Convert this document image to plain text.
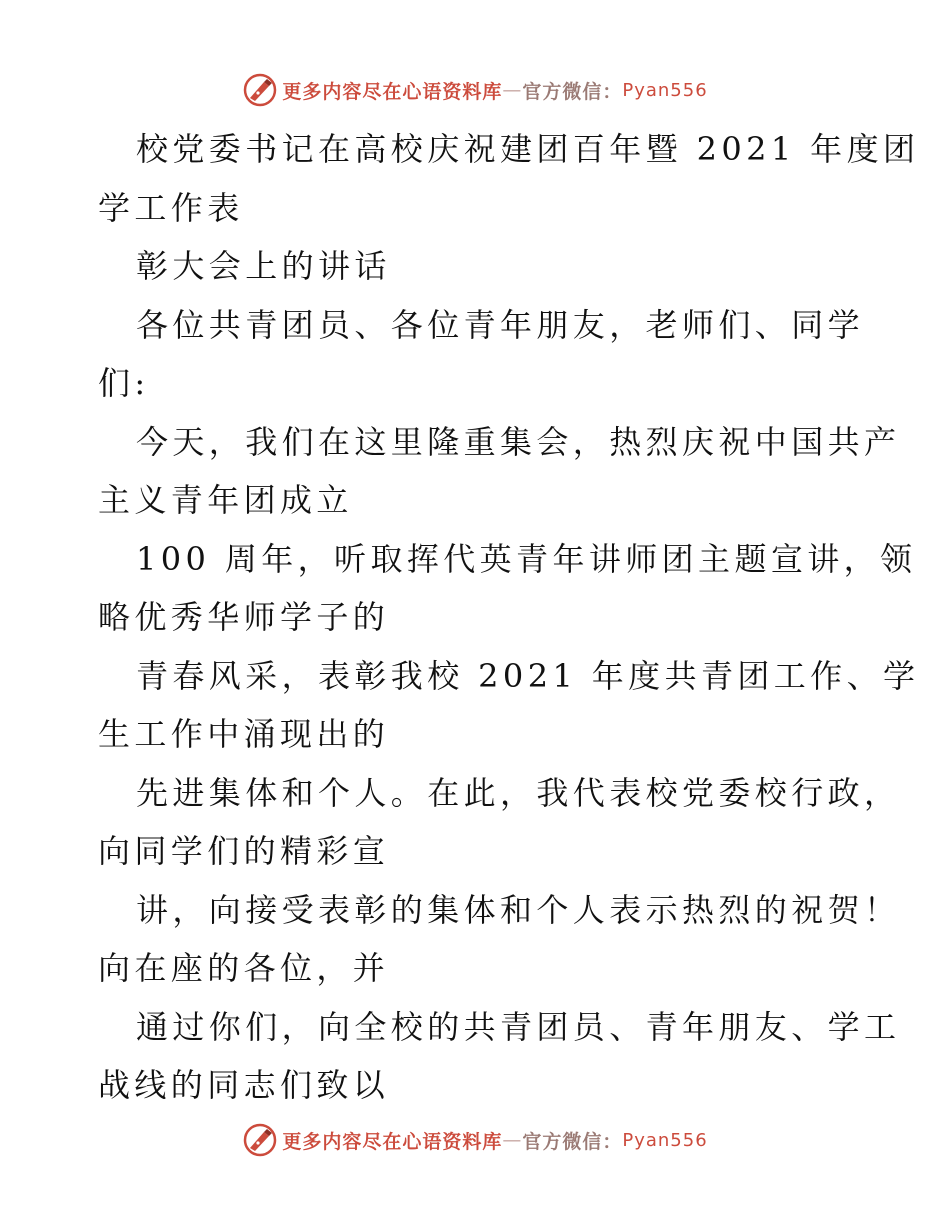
更多内容尽在心语资料库 — 官方微信： Pyan556
校党委书记在高校庆祝建团百年暨 2021 年度团
学工作表
彰大会上的讲话
各位共青团员、各位青年朋友，老师们、同学
们:
今天，我们在这里隆重集会，热烈庆祝中国共产
主义青年团成立
100 周年，听取挥代英青年讲师团主题宣讲，领
略优秀华师学子的
青春风采，表彰我校 2021 年度共青团工作、学
生工作中涌现出的
先进集体和个人。在此，我代表校党委校行政，
向同学们的精彩宣
讲，向接受表彰的集体和个人表示热烈的祝贺！
向在座的各位，并
通过你们，向全校的共青团员、青年朋友、学工
战线的同志们致以
更多内容尽在心语资料库 — 官方微信： Pyan556
